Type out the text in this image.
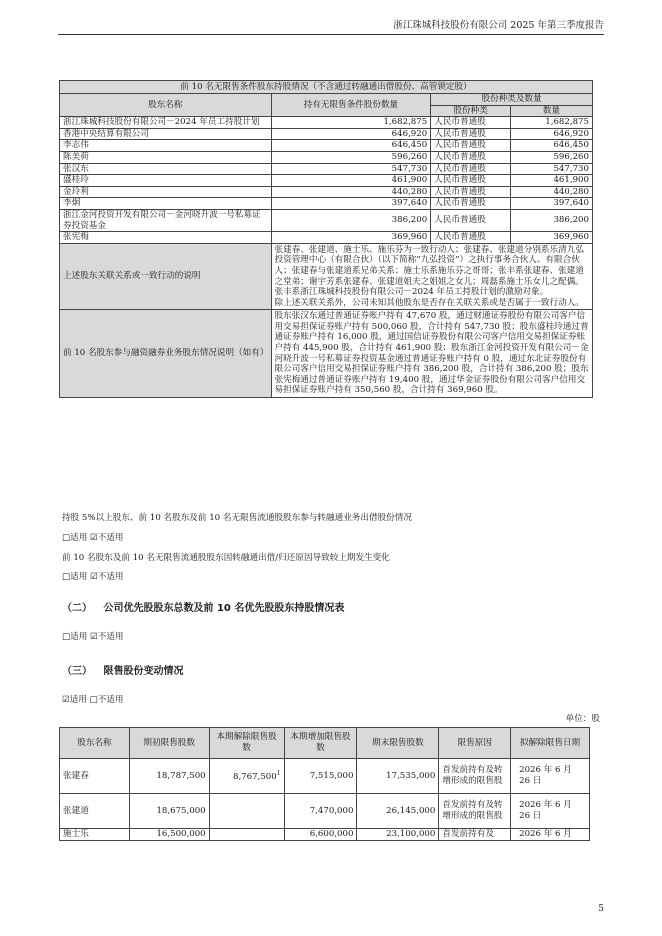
浙江珠城科技股份有限公司 2025 年第三季度报告
前 10 名无限售条件股东持股情况（不含通过转融通出借股份、高管锁定股）			
股东名称	持有无限售条件股份数量	股份种类及数量	
		股份种类	数量
浙江珠城科技股份有限公司－2024 年员工持股计划	1,682,875	人民币普通股	1,682,875
香港中央结算有限公司	646,920	人民币普通股	646,920
李志伟	646,450	人民币普通股	646,450
陈美荷	596,260	人民币普通股	596,260
张汉东	547,730	人民币普通股	547,730
盛桂玲	461,900	人民币普通股	461,900
金玲利	440,280	人民币普通股	440,280
李炯	397,640	人民币普通股	397,640
浙江金河投资开发有限公司－金河晓升波一号私募证券投资基金	386,200	人民币普通股	386,200
张宪梅	369,960	人民币普通股	369,960
上述股东关联关系或一致行动的说明	张建春、张建道、施士乐、施乐芬为一致行动人；张建春、张建道分别系乐清九弘投资管理中心（有限合伙）（以下简称“九弘投资”）之执行事务合伙人、有限合伙人；张建春与张建道系兄弟关系；施士乐系施乐芬之哥哥；张丰系张建春、张建道之堂弟；谢宇芳系张建春、张建道姐夫之姐姐之女儿；周磊系施士乐女儿之配偶。张丰系浙江珠城科技股份有限公司－2024 年员工持股计划的激励对象。
除上述关联关系外，公司未知其他股东是否存在关联关系或是否属于一致行动人。		
前 10 名股东参与融资融券业务股东情况说明（如有）	股东张汉东通过普通证券账户持有 47,670 股，通过财通证券股份有限公司客户信用交易担保证券账户持有 500,060 股，合计持有 547,730 股；股东盛桂玲通过普通证券账户持有 16,000 股，通过国信证券股份有限公司客户信用交易担保证券账户持有 445,900 股，合计持有 461,900 股；股东浙江金河投资开发有限公司－金河晓升波一号私募证券投资基金通过普通证券账户持有 0 股，通过东北证券股份有限公司客户信用交易担保证券账户持有 386,200 股，合计持有 386,200 股；股东张宪梅通过普通证券账户持有 19,400 股，通过华金证券股份有限公司客户信用交易担保证券账户持有 350,560 股，合计持有 369,960 股。		
持股 5%以上股东、前 10 名股东及前 10 名无限售流通股股东参与转融通业务出借股份情况
□适用 ☑不适用
前 10 名股东及前 10 名无限售流通股股东因转融通出借/归还原因导致较上期发生变化
□适用 ☑不适用
（二） 公司优先股股东总数及前 10 名优先股股东持股情况表
□适用 ☑不适用
（三） 限售股份变动情况
☑适用 □不适用
单位：股
股东名称	期初限售股数	本期解除限售股数	本期增加限售股数	期末限售股数	限售原因	拟解除限售日期
张建春	18,787,500	8,767,500$^1$	7,515,000	17,535,000	首发前持有及转增形成的限售股	2026 年 6 月 26 日
张建道	18,675,000		7,470,000	26,145,000	首发前持有及转增形成的限售股	2026 年 6 月 26 日
施士乐	16,500,000		6,600,000	23,100,000	首发前持有及	2026 年 6 月
5
